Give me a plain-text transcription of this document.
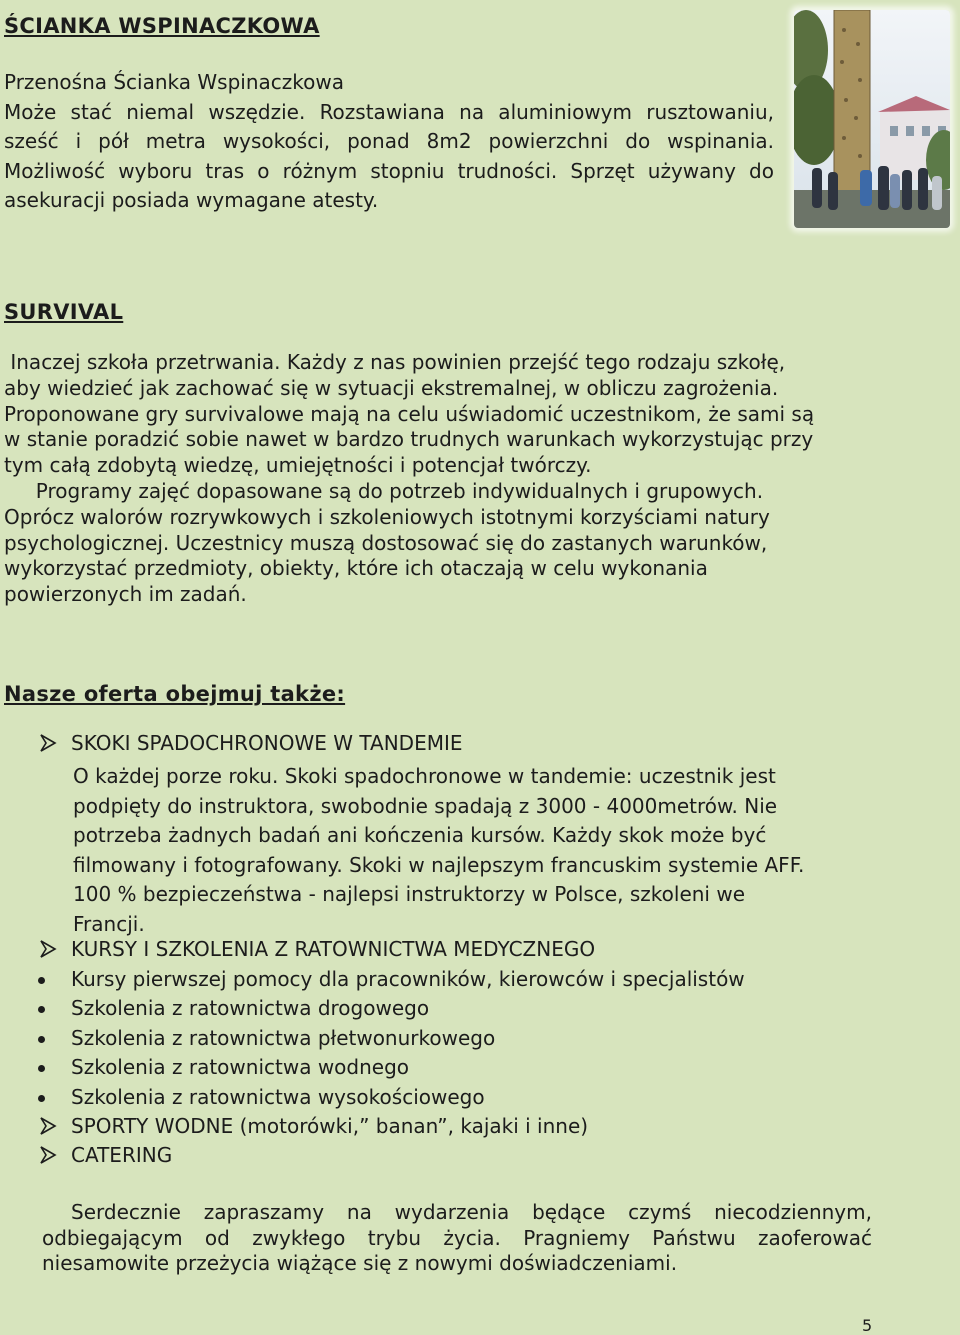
ŚCIANKA WSPINACZKOWA
Przenośna Ścianka Wspinaczkowa
Może stać niemal wszędzie. Rozstawiana na aluminiowym rusztowaniu,
sześć i pół metra wysokości, ponad 8m2 powierzchni do wspinania.
Możliwość wyboru tras o różnym stopniu trudności. Sprzęt używany do
asekuracji posiada wymagane atesty.
SURVIVAL
Inaczej szkoła przetrwania. Każdy z nas powinien przejść tego rodzaju szkołę,
aby wiedzieć jak zachować się w sytuacji ekstremalnej, w obliczu zagrożenia.
Proponowane gry survivalowe mają na celu uświadomić uczestnikom, że sami są
w stanie poradzić sobie nawet w bardzo trudnych warunkach wykorzystując przy
tym całą zdobytą wiedzę, umiejętności i potencjał twórczy.
Programy zajęć dopasowane są do potrzeb indywidualnych i grupowych.
Oprócz walorów rozrywkowych i szkoleniowych istotnymi korzyściami natury
psychologicznej. Uczestnicy muszą dostosować się do zastanych warunków,
wykorzystać przedmioty, obiekty, które ich otaczają w celu wykonania
powierzonych im zadań.
Nasze oferta obejmuj także:
SKOKI SPADOCHRONOWE W TANDEMIE
O każdej porze roku. Skoki spadochronowe w tandemie: uczestnik jest
podpięty do instruktora, swobodnie spadają z 3000 - 4000metrów. Nie
potrzeba żadnych badań ani kończenia kursów. Każdy skok może być
filmowany i fotografowany. Skoki w najlepszym francuskim systemie AFF.
100 % bezpieczeństwa - najlepsi instruktorzy w Polsce, szkoleni we
Francji.
KURSY I SZKOLENIA Z RATOWNICTWA MEDYCZNEGO
Kursy pierwszej pomocy dla pracowników, kierowców i specjalistów
Szkolenia z ratownictwa drogowego
Szkolenia z ratownictwa płetwonurkowego
Szkolenia z ratownictwa wodnego
Szkolenia z ratownictwa wysokościowego
SPORTY WODNE (motorówki,” banan”, kajaki i inne)
CATERING
Serdecznie zapraszamy na wydarzenia będące czymś niecodziennym,
odbiegającym od zwykłego trybu życia. Pragniemy Państwu zaoferować
niesamowite przeżycia wiążące się z nowymi doświadczeniami.
5
